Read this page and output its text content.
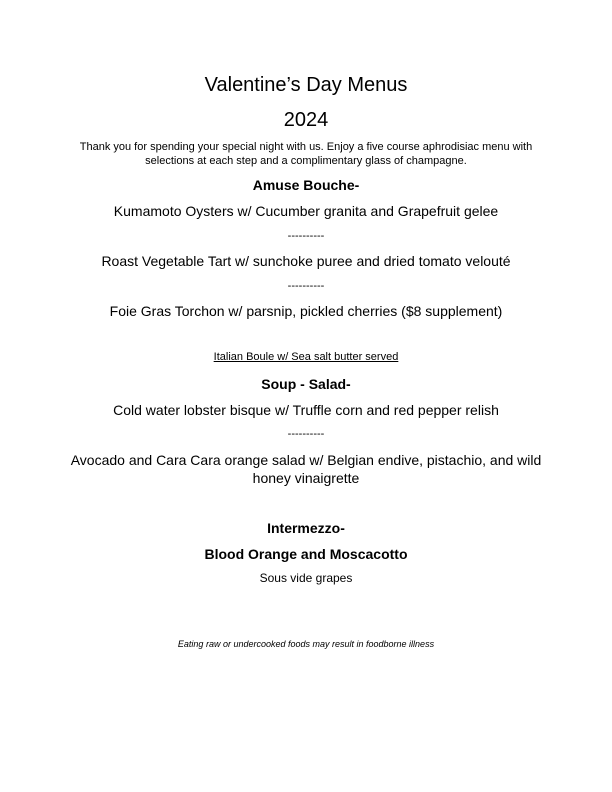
Valentine’s Day Menus
2024
Thank you for spending your special night with us. Enjoy a five course aphrodisiac menu with selections at each step and a complimentary glass of champagne.
Amuse Bouche-
Kumamoto Oysters w/ Cucumber granita and Grapefruit gelee
----------
Roast Vegetable Tart w/ sunchoke puree and dried tomato velouté
----------
Foie Gras Torchon w/ parsnip, pickled cherries ($8 supplement)
Italian Boule w/ Sea salt butter served
Soup - Salad-
Cold water lobster bisque w/ Truffle corn and red pepper relish
----------
Avocado and Cara Cara orange salad w/ Belgian endive, pistachio, and wild honey vinaigrette
Intermezzo-
Blood Orange and Moscacotto
Sous vide grapes
Eating raw or undercooked foods may result in foodborne illness
